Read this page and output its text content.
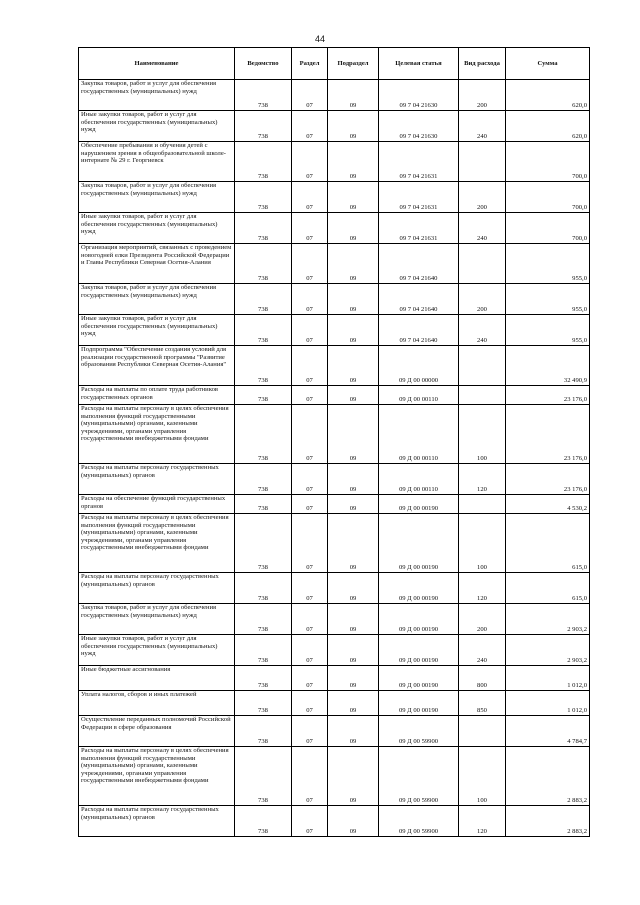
44
Наименование	Ведомство	Раздел	Подраздел	Целевая статья	Вид расхода	Сумма
Закупка товаров, работ и услуг для обеспечения государственных (муниципальных) нужд	738	07	09	09 7 04 21630	200	620,0
Иные закупки товаров, работ и услуг для обеспечения государственных (муниципальных) нужд	738	07	09	09 7 04 21630	240	620,0
Обеспечение пребывания и обучения детей с нарушением зрения в общеобразовательной школе-интернате № 29 г. Георгиевск	738	07	09	09 7 04 21631		700,0
Закупка товаров, работ и услуг для обеспечения государственных (муниципальных) нужд	738	07	09	09 7 04 21631	200	700,0
Иные закупки товаров, работ и услуг для обеспечения государственных (муниципальных) нужд	738	07	09	09 7 04 21631	240	700,0
Организация мероприятий, связанных с проведением новогодней елки Президента Российской Федерации и Главы Республики Северная Осетия-Алания	738	07	09	09 7 04 21640		955,0
Закупка товаров, работ и услуг для обеспечения государственных (муниципальных) нужд	738	07	09	09 7 04 21640	200	955,0
Иные закупки товаров, работ и услуг для обеспечения государственных (муниципальных) нужд	738	07	09	09 7 04 21640	240	955,0
Подпрограмма "Обеспечение создания условий для реализации государственной программы "Развитие образования Республики Северная Осетия-Алания"	738	07	09	09 Д 00 00000		32 490,9
Расходы на выплаты по оплате труда работников государственных органов	738	07	09	09 Д 00 00110		23 176,0
Расходы на выплаты персоналу в целях обеспечения выполнения функций государственными (муниципальными) органами, казенными учреждениями, органами управления государственными внебюджетными фондами	738	07	09	09 Д 00 00110	100	23 176,0
Расходы на выплаты персоналу государственных (муниципальных) органов	738	07	09	09 Д 00 00110	120	23 176,0
Расходы на обеспечение функций государственных органов	738	07	09	09 Д 00 00190		4 530,2
Расходы на выплаты персоналу в целях обеспечения выполнения функций государственными (муниципальными) органами, казенными учреждениями, органами управления государственными внебюджетными фондами	738	07	09	09 Д 00 00190	100	615,0
Расходы на выплаты персоналу государственных (муниципальных) органов	738	07	09	09 Д 00 00190	120	615,0
Закупка товаров, работ и услуг для обеспечения государственных (муниципальных) нужд	738	07	09	09 Д 00 00190	200	2 903,2
Иные закупки товаров, работ и услуг для обеспечения государственных (муниципальных) нужд	738	07	09	09 Д 00 00190	240	2 903,2
Иные бюджетные ассигнования	738	07	09	09 Д 00 00190	800	1 012,0
Уплата налогов, сборов и иных платежей	738	07	09	09 Д 00 00190	850	1 012,0
Осуществление переданных полномочий Российской Федерации в сфере образования	738	07	09	09 Д 00 59900		4 784,7
Расходы на выплаты персоналу в целях обеспечения выполнения функций государственными (муниципальными) органами, казенными учреждениями, органами управления государственными внебюджетными фондами	738	07	09	09 Д 00 59900	100	2 883,2
Расходы на выплаты персоналу государственных (муниципальных) органов	738	07	09	09 Д 00 59900	120	2 883,2
